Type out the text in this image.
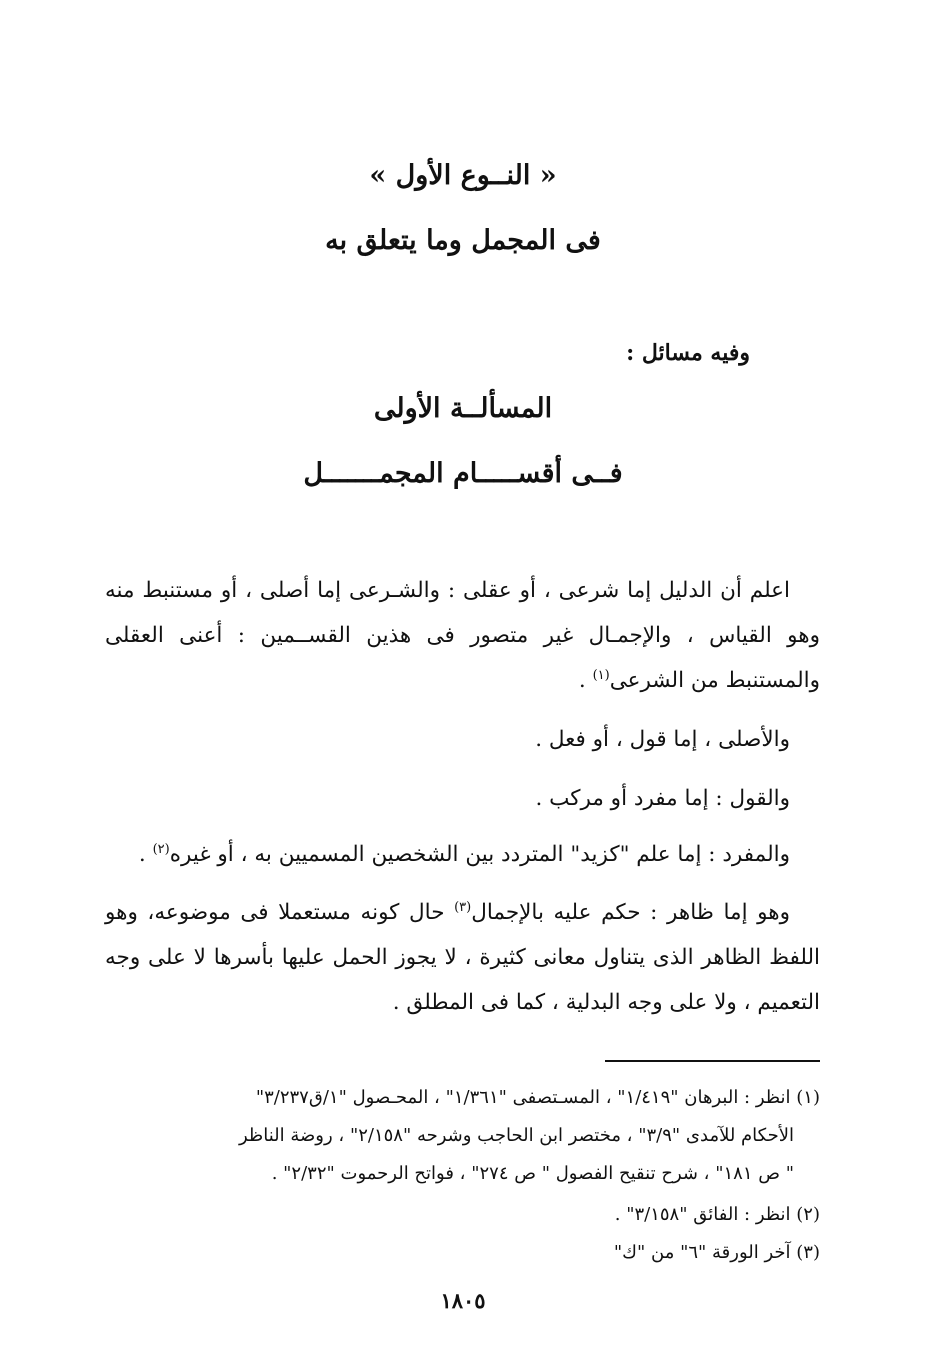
« النــوع الأول »
فى المجمل وما يتعلق به
وفيه مسائل :
المسألــة الأولى
فــى أقســـــام المجمـــــــل

اعلم أن الدليل إما شرعى ، أو عقلى : والشـرعى إما أصلى ، أو مستنبط منه وهو القياس ، والإجمـال غير متصور فى هذين القســمين : أعنى العقلى والمستنبط من الشرعى$^{(١)}$ .

والأصلى ، إما قول ، أو فعل .

والقول : إما مفرد أو مركب .

والمفرد : إما علم "كزيد" المتردد بين الشخصين المسميين به ، أو غيره$^{(٢)}$ .

وهو إما ظاهر : حكم عليه بالإجمال$^{(٣)}$ حال كونه مستعملا فى موضوعه، وهو اللفظ الظاهر الذى يتناول معانى كثيرة ، لا يجوز الحمل عليها بأسرها لا على وجه التعميم ، ولا على وجه البدلية ، كما فى المطلق .

(١) انظر : البرهان "١/٤١٩" ، المسـتصفى "١/٣٦١" ، المحـصول "١/ق٣/٢٣٧"
الأحكام للآمدى "٣/٩" ، مختصر ابن الحاجب وشرحه "٢/١٥٨" ، روضة الناظر
" ص ١٨١" ، شرح تنقيح الفصول " ص ٢٧٤" ، فواتح الرحموت "٢/٣٢" .
(٢) انظر : الفائق "٣/١٥٨" .
(٣) آخر الورقة "٦" من "ك"
١٨٠٥
